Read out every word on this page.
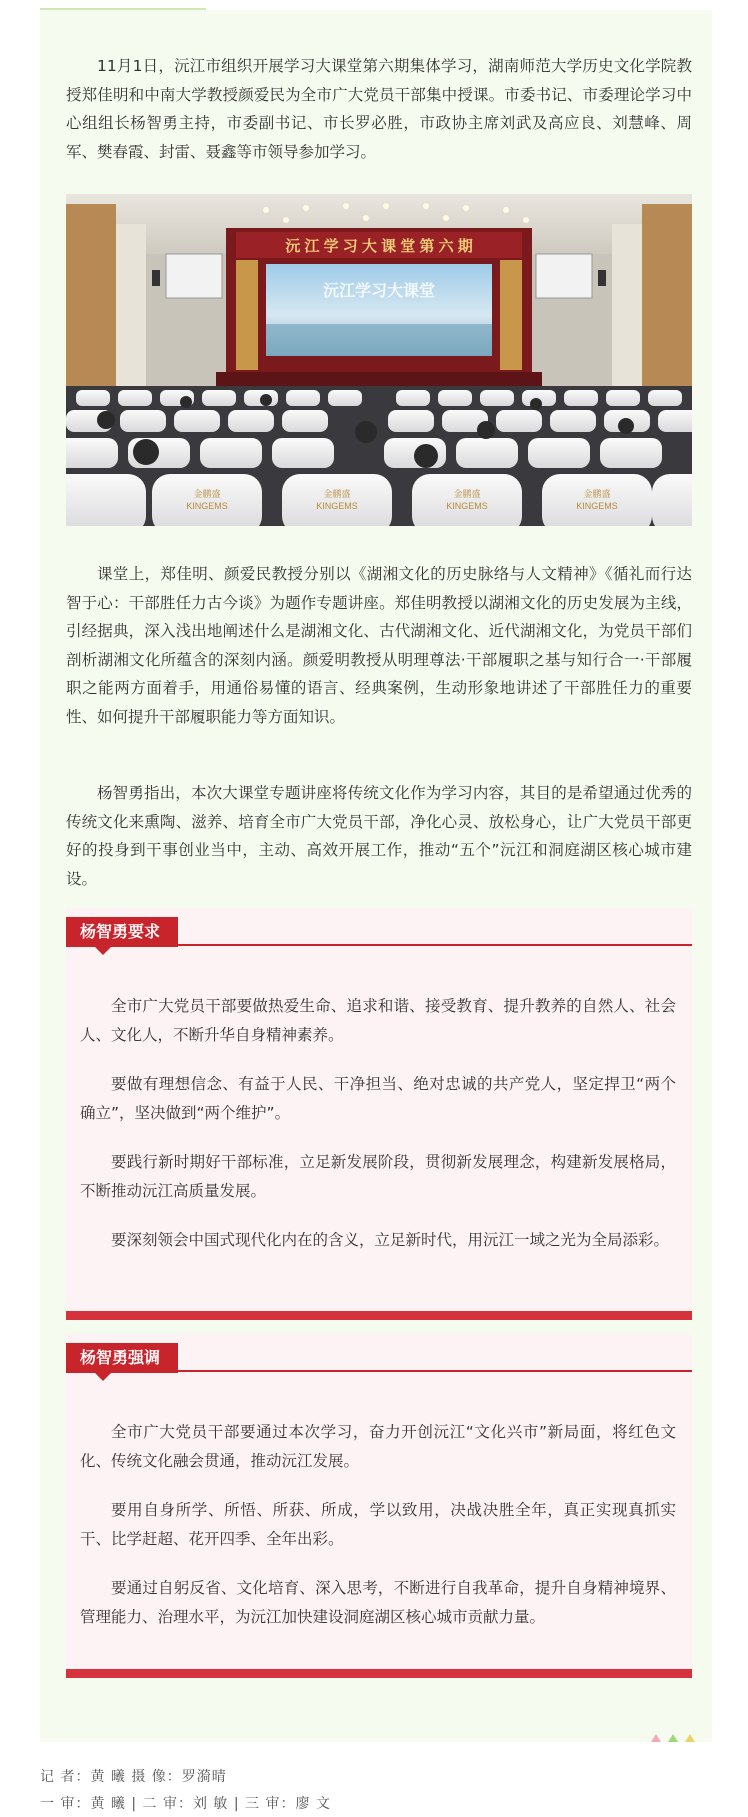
11月1日，沅江市组织开展学习大课堂第六期集体学习，湖南师范大学历史文化学院教授郑佳明和中南大学教授颜爱民为全市广大党员干部集中授课。市委书记、市委理论学习中心组组长杨智勇主持，市委副书记、市长罗必胜，市政协主席刘武及高应良、刘慧峰、周军、樊春霞、封雷、聂鑫等市领导参加学习。

沅 江 学 习 大 课 堂 第 六 期
沅江学习大课堂
金鹏盛
KINGEMS
金鹏盛
KINGEMS
金鹏盛
KINGEMS
金鹏盛
KINGEMS

课堂上，郑佳明、颜爱民教授分别以《湖湘文化的历史脉络与人文精神》《循礼而行达智于心：干部胜任力古今谈》为题作专题讲座。郑佳明教授以湖湘文化的历史发展为主线，引经据典，深入浅出地阐述什么是湖湘文化、古代湖湘文化、近代湖湘文化，为党员干部们剖析湖湘文化所蕴含的深刻内涵。颜爱明教授从明理尊法·干部履职之基与知行合一·干部履职之能两方面着手，用通俗易懂的语言、经典案例，生动形象地讲述了干部胜任力的重要性、如何提升干部履职能力等方面知识。

杨智勇指出，本次大课堂专题讲座将传统文化作为学习内容，其目的是希望通过优秀的传统文化来熏陶、滋养、培育全市广大党员干部，净化心灵、放松身心，让广大党员干部更好的投身到干事创业当中，主动、高效开展工作，推动“五个”沅江和洞庭湖区核心城市建设。

杨智勇要求

全市广大党员干部要做热爱生命、追求和谐、接受教育、提升教养的自然人、社会人、文化人，不断升华自身精神素养。

要做有理想信念、有益于人民、干净担当、绝对忠诚的共产党人，坚定捍卫“两个确立”，坚决做到“两个维护”。

要践行新时期好干部标准，立足新发展阶段，贯彻新发展理念，构建新发展格局，不断推动沅江高质量发展。

要深刻领会中国式现代化内在的含义，立足新时代，用沅江一域之光为全局添彩。

杨智勇强调

全市广大党员干部要通过本次学习，奋力开创沅江“文化兴市”新局面，将红色文化、传统文化融会贯通，推动沅江发展。

要用自身所学、所悟、所获、所成，学以致用，决战决胜全年，真正实现真抓实干、比学赶超、花开四季、全年出彩。

要通过自躬反省、文化培育、深入思考，不断进行自我革命，提升自身精神境界、管理能力、治理水平，为沅江加快建设洞庭湖区核心城市贡献力量。

记 者：黄 曦 摄 像：罗漪晴
一 审：黄 曦 | 二 审：刘 敏 | 三 审：廖 文
